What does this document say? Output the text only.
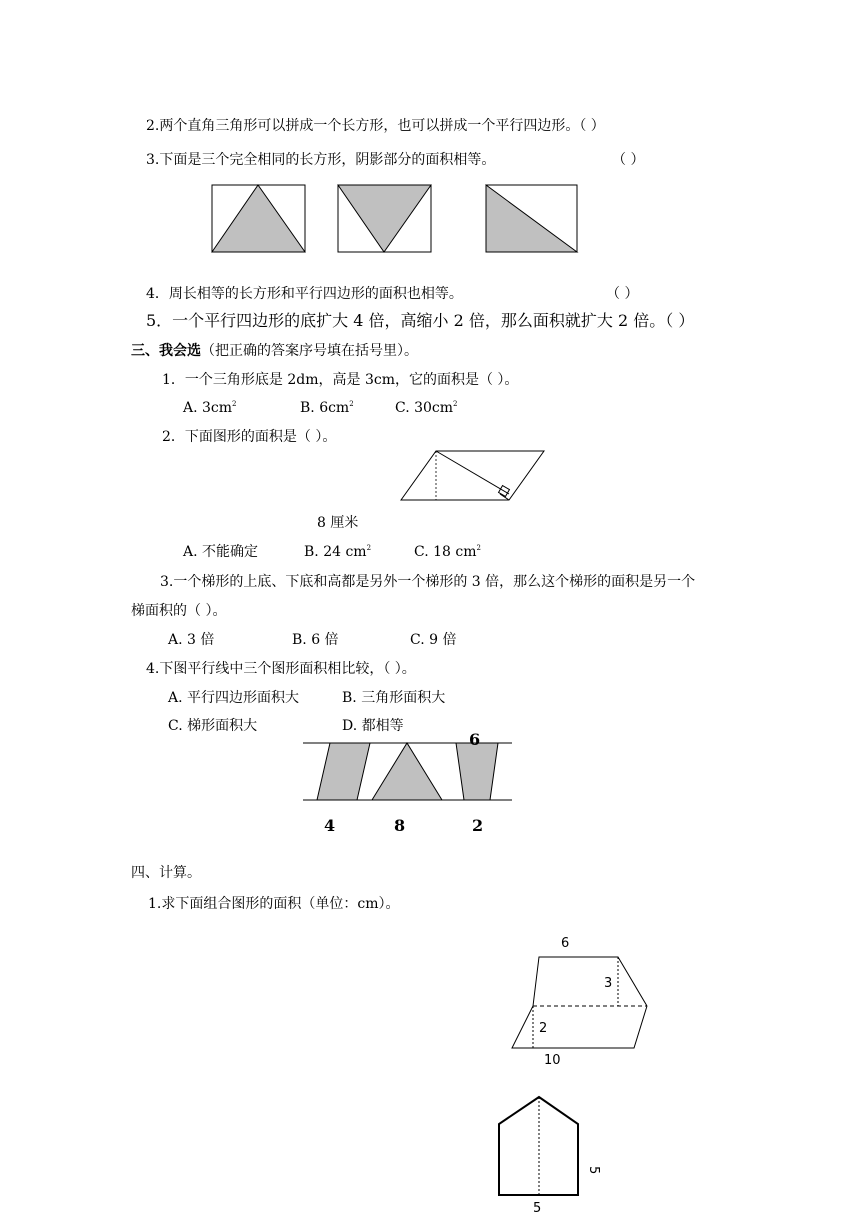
2.两个直角三角形可以拼成一个长方形，也可以拼成一个平行四边形。（ ）
3.下面是三个完全相同的长方形，阴影部分的面积相等。	（ ）
4．周长相等的长方形和平行四边形的面积也相等。	（ ）
5．一个平行四边形的底扩大 4 倍，高缩小 2 倍，那么面积就扩大 2 倍。（ ）
三、我会选（把正确的答案序号填在括号里）。
1．一个三角形底是 2dm，高是 3cm，它的面积是（ ）。
A. $3cm^2$	B. $6cm^2$	C. $30cm^2$
2．下面图形的面积是（ ）。
8 厘米
A. 不能确定	B. 24 $cm^2$	C. 18 $cm^2$
3.一个梯形的上底、下底和高都是另外一个梯形的 3 倍，那么这个梯形的面积是另一个
梯面积的（ ）。
A. 3 倍	B. 6 倍	C. 9 倍
4.下图平行线中三个图形面积相比较，（ ）。
A. 平行四边形面积大	B. 三角形面积大
C. 梯形面积大	D. 都相等
6
4	8	2
四、计算。
1.求下面组合图形的面积（单位：cm）。
6
3
2
10
5
5
